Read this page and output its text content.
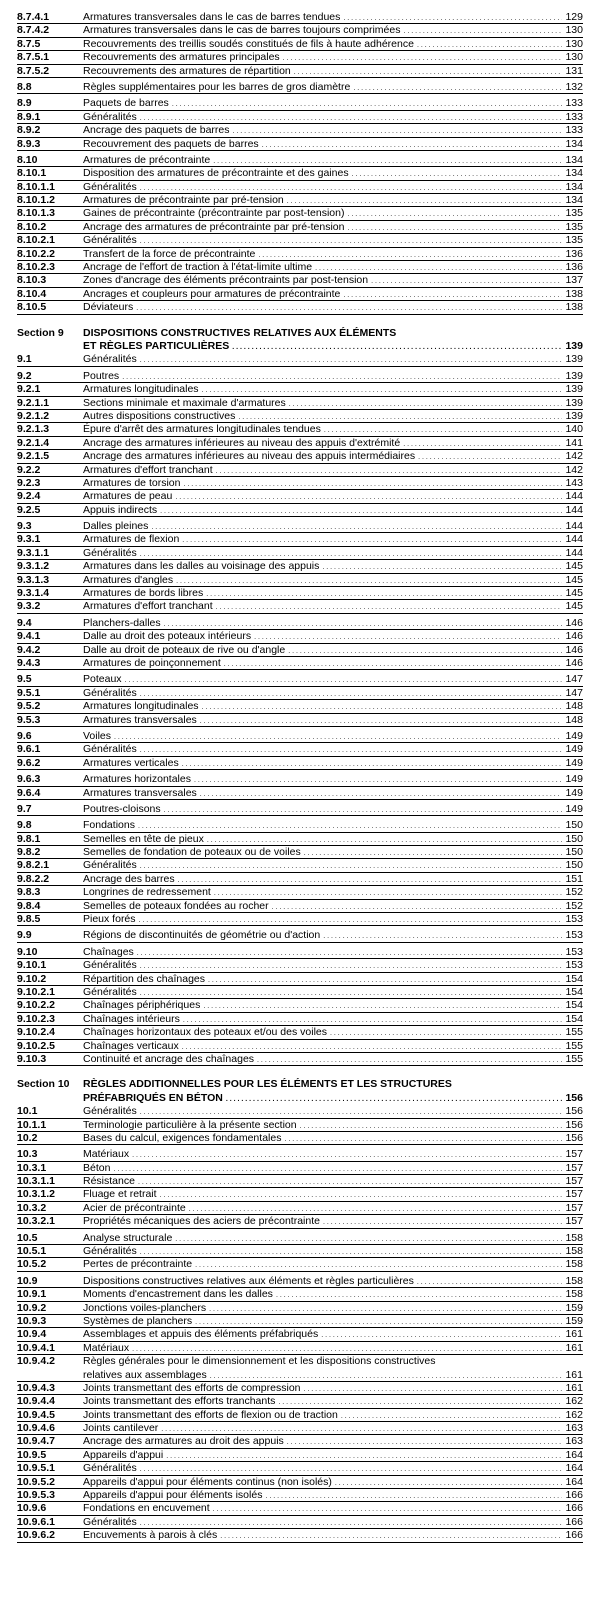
8.7.4.1	Armatures transversales dans le cas de barres tendues . . .	129
8.7.4.2	Armatures transversales dans le cas de barres toujours comprimées . . .	130
8.7.5	Recouvrements des treillis soudés constitués de fils à haute adhérence . . .	130
8.7.5.1	Recouvrements des armatures principales . . .	130
8.7.5.2	Recouvrements des armatures de répartition . . .	131
8.8	Règles supplémentaires pour les barres de gros diamètre . . .	132
8.9	Paquets de barres . . .	133
8.9.1	Généralités . . .	133
8.9.2	Ancrage des paquets de barres . . .	133
8.9.3	Recouvrement des paquets de barres . . .	134
8.10	Armatures de précontrainte . . .	134
8.10.1	Disposition des armatures de précontrainte et des gaines . . .	134
8.10.1.1	Généralités . . .	134
8.10.1.2	Armatures de précontrainte par pré-tension . . .	134
8.10.1.3	Gaines de précontrainte (précontrainte par post-tension) . . .	135
8.10.2	Ancrage des armatures de précontrainte par pré-tension . . .	135
8.10.2.1	Généralités . . .	135
8.10.2.2	Transfert de la force de précontrainte . . .	136
8.10.2.3	Ancrage de l'effort de traction à l'état-limite ultime . . .	136
8.10.3	Zones d'ancrage des éléments précontraints par post-tension . . .	137
8.10.4	Ancrages et coupleurs pour armatures de précontrainte . . .	138
8.10.5	Déviateurs . . .	138
Section 9	DISPOSITIONS CONSTRUCTIVES RELATIVES AUX ÉLÉMENTS
ET RÈGLES PARTICULIÈRES . . .	139
9.1	Généralités . . .	139
9.2	Poutres . . .	139
9.2.1	Armatures longitudinales . . .	139
9.2.1.1	Sections minimale et maximale d'armatures . . .	139
9.2.1.2	Autres dispositions constructives . . .	139
9.2.1.3	Épure d'arrêt des armatures longitudinales tendues . . .	140
9.2.1.4	Ancrage des armatures inférieures au niveau des appuis d'extrémité . . .	141
9.2.1.5	Ancrage des armatures inférieures au niveau des appuis intermédiaires . . .	142
9.2.2	Armatures d'effort tranchant . . .	142
9.2.3	Armatures de torsion . . .	143
9.2.4	Armatures de peau . . .	144
9.2.5	Appuis indirects . . .	144
9.3	Dalles pleines . . .	144
9.3.1	Armatures de flexion . . .	144
9.3.1.1	Généralités . . .	144
9.3.1.2	Armatures dans les dalles au voisinage des appuis . . .	145
9.3.1.3	Armatures d'angles . . .	145
9.3.1.4	Armatures de bords libres . . .	145
9.3.2	Armatures d'effort tranchant . . .	145
9.4	Planchers-dalles . . .	146
9.4.1	Dalle au droit des poteaux intérieurs . . .	146
9.4.2	Dalle au droit de poteaux de rive ou d'angle . . .	146
9.4.3	Armatures de poinçonnement . . .	146
9.5	Poteaux . . .	147
9.5.1	Généralités . . .	147
9.5.2	Armatures longitudinales . . .	148
9.5.3	Armatures transversales . . .	148
9.6	Voiles . . .	149
9.6.1	Généralités . . .	149
9.6.2	Armatures verticales . . .	149
9.6.3	Armatures horizontales . . .	149
9.6.4	Armatures transversales . . .	149
9.7	Poutres-cloisons . . .	149
9.8	Fondations . . .	150
9.8.1	Semelles en tête de pieux . . .	150
9.8.2	Semelles de fondation de poteaux ou de voiles . . .	150
9.8.2.1	Généralités . . .	150
9.8.2.2	Ancrage des barres . . .	151
9.8.3	Longrines de redressement . . .	152
9.8.4	Semelles de poteaux fondées au rocher . . .	152
9.8.5	Pieux forés . . .	153
9.9	Régions de discontinuités de géométrie ou d'action . . .	153
9.10	Chaînages . . .	153
9.10.1	Généralités . . .	153
9.10.2	Répartition des chaînages . . .	154
9.10.2.1	Généralités . . .	154
9.10.2.2	Chaînages périphériques . . .	154
9.10.2.3	Chaînages intérieurs . . .	154
9.10.2.4	Chaînages horizontaux des poteaux et/ou des voiles . . .	155
9.10.2.5	Chaînages verticaux . . .	155
9.10.3	Continuité et ancrage des chaînages . . .	155
Section 10	RÈGLES ADDITIONNELLES POUR LES ÉLÉMENTS ET LES STRUCTURES
PRÉFABRIQUÉS EN BÉTON . . .	156
10.1	Généralités . . .	156
10.1.1	Terminologie particulière à la présente section . . .	156
10.2	Bases du calcul, exigences fondamentales . . .	156
10.3	Matériaux . . .	157
10.3.1	Béton . . .	157
10.3.1.1	Résistance . . .	157
10.3.1.2	Fluage et retrait . . .	157
10.3.2	Acier de précontrainte . . .	157
10.3.2.1	Propriétés mécaniques des aciers de précontrainte . . .	157
10.5	Analyse structurale . . .	158
10.5.1	Généralités . . .	158
10.5.2	Pertes de précontrainte . . .	158
10.9	Dispositions constructives relatives aux éléments et règles particulières . . .	158
10.9.1	Moments d'encastrement dans les dalles . . .	158
10.9.2	Jonctions voiles-planchers . . .	159
10.9.3	Systèmes de planchers . . .	159
10.9.4	Assemblages et appuis des éléments préfabriqués . . .	161
10.9.4.1	Matériaux . . .	161
10.9.4.2	Règles générales pour le dimensionnement et les dispositions constructives
relatives aux assemblages . . .	161
10.9.4.3	Joints transmettant des efforts de compression . . .	161
10.9.4.4	Joints transmettant des efforts tranchants . . .	162
10.9.4.5	Joints transmettant des efforts de flexion ou de traction . . .	162
10.9.4.6	Joints cantilever . . .	163
10.9.4.7	Ancrage des armatures au droit des appuis . . .	163
10.9.5	Appareils d'appui . . .	164
10.9.5.1	Généralités . . .	164
10.9.5.2	Appareils d'appui pour éléments continus (non isolés) . . .	164
10.9.5.3	Appareils d'appui pour éléments isolés . . .	166
10.9.6	Fondations en encuvement . . .	166
10.9.6.1	Généralités . . .	166
10.9.6.2	Encuvements à parois à clés . . .	166
